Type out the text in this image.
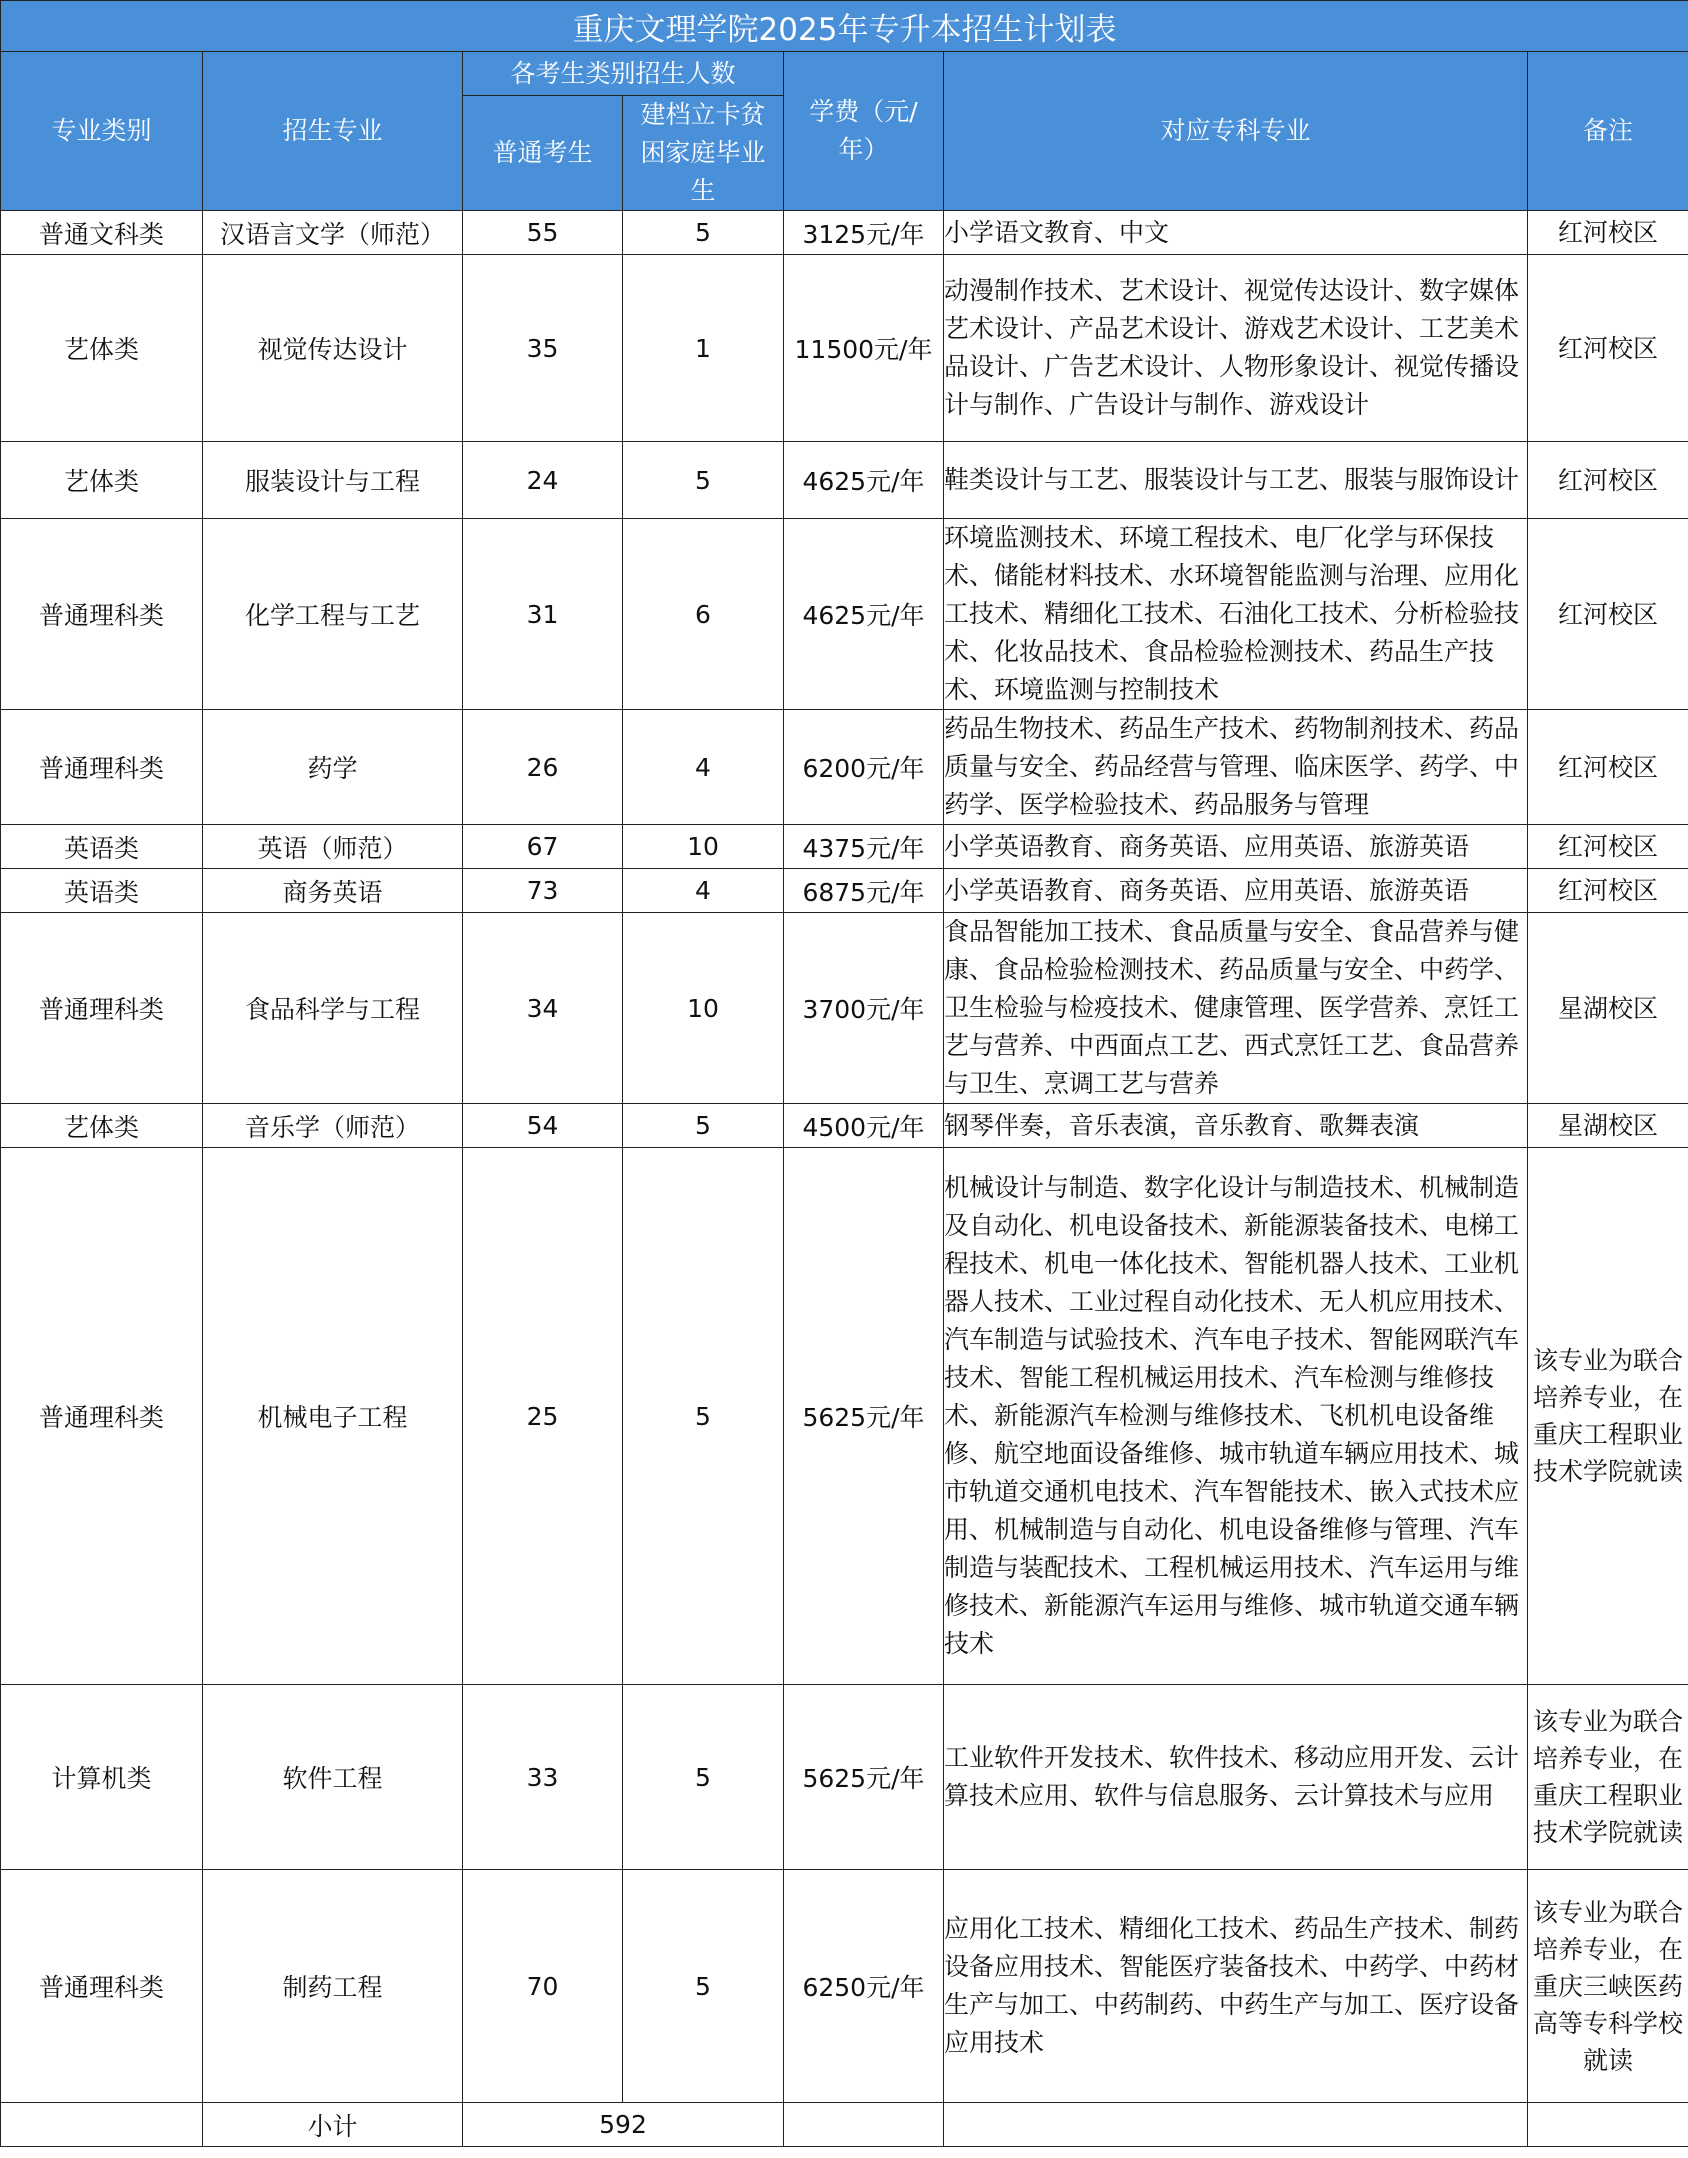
重庆文理学院2025年专升本招生计划表						
专业类别	招生专业	各考生类别招生人数		学费（元/年）	对应专科专业	备注
		普通考生	建档立卡贫困家庭毕业生			

普通文科类	汉语言文学（师范）	55	5	3125元/年	小学语文教育、中文	红河校区
艺体类	视觉传达设计	35	1	11500元/年	动漫制作技术、艺术设计、视觉传达设计、数字媒体艺术设计、产品艺术设计、游戏艺术设计、工艺美术品设计、广告艺术设计、人物形象设计、视觉传播设计与制作、广告设计与制作、游戏设计	红河校区
艺体类	服装设计与工程	24	5	4625元/年	鞋类设计与工艺、服装设计与工艺、服装与服饰设计	红河校区
普通理科类	化学工程与工艺	31	6	4625元/年	环境监测技术、环境工程技术、电厂化学与环保技术、储能材料技术、水环境智能监测与治理、应用化工技术、精细化工技术、石油化工技术、分析检验技术、化妆品技术、食品检验检测技术、药品生产技术、环境监测与控制技术	红河校区
普通理科类	药学	26	4	6200元/年	药品生物技术、药品生产技术、药物制剂技术、药品质量与安全、药品经营与管理、临床医学、药学、中药学、医学检验技术、药品服务与管理	红河校区
英语类	英语（师范）	67	10	4375元/年	小学英语教育、商务英语、应用英语、旅游英语	红河校区
英语类	商务英语	73	4	6875元/年	小学英语教育、商务英语、应用英语、旅游英语	红河校区
普通理科类	食品科学与工程	34	10	3700元/年	食品智能加工技术、食品质量与安全、食品营养与健康、食品检验检测技术、药品质量与安全、中药学、卫生检验与检疫技术、健康管理、医学营养、烹饪工艺与营养、中西面点工艺、西式烹饪工艺、食品营养与卫生、烹调工艺与营养	星湖校区
艺体类	音乐学（师范）	54	5	4500元/年	钢琴伴奏，音乐表演，音乐教育、歌舞表演	星湖校区
普通理科类	机械电子工程	25	5	5625元/年	机械设计与制造、数字化设计与制造技术、机械制造及自动化、机电设备技术、新能源装备技术、电梯工程技术、机电一体化技术、智能机器人技术、工业机器人技术、工业过程自动化技术、无人机应用技术、汽车制造与试验技术、汽车电子技术、智能网联汽车技术、智能工程机械运用技术、汽车检测与维修技术、新能源汽车检测与维修技术、飞机机电设备维修、航空地面设备维修、城市轨道车辆应用技术、城市轨道交通机电技术、汽车智能技术、嵌入式技术应用、机械制造与自动化、机电设备维修与管理、汽车制造与装配技术、工程机械运用技术、汽车运用与维修技术、新能源汽车运用与维修、城市轨道交通车辆技术	该专业为联合培养专业，在重庆工程职业技术学院就读
计算机类	软件工程	33	5	5625元/年	工业软件开发技术、软件技术、移动应用开发、云计算技术应用、软件与信息服务、云计算技术与应用	该专业为联合培养专业，在重庆工程职业技术学院就读
普通理科类	制药工程	70	5	6250元/年	应用化工技术、精细化工技术、药品生产技术、制药设备应用技术、智能医疗装备技术、中药学、中药材生产与加工、中药制药、中药生产与加工、医疗设备应用技术	该专业为联合培养专业，在重庆三峡医药高等专科学校就读
	小计	592				
